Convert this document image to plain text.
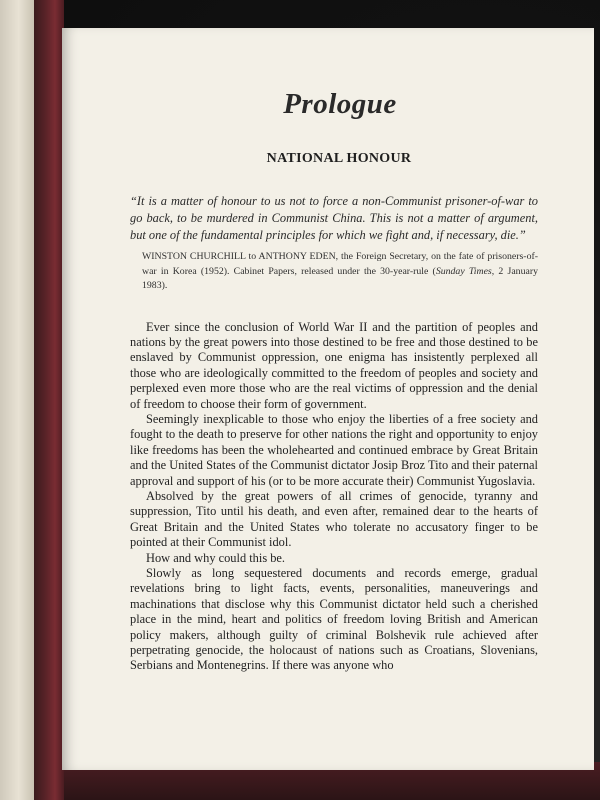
Prologue
NATIONAL HONOUR

“It is a matter of honour to us not to force a non-Communist prisoner-of-war to go back, to be murdered in Communist China. This is not a matter of argument, but one of the fundamental principles for which we fight and, if necessary, die.”

WINSTON CHURCHILL to ANTHONY EDEN, the Foreign Secretary, on the fate of prisoners-of-war in Korea (1952). Cabinet Papers, released under the 30-year-rule (Sunday Times, 2 January 1983).

Ever since the conclusion of World War II and the partition of peoples and nations by the great powers into those destined to be free and those destined to be enslaved by Communist oppression, one enigma has insistently perplexed all those who are ideologically committed to the freedom of peoples and society and perplexed even more those who are the real victims of oppression and the denial of freedom to choose their form of government.

Seemingly inexplicable to those who enjoy the liberties of a free society and fought to the death to preserve for other nations the right and opportunity to enjoy like freedoms has been the wholehearted and continued embrace by Great Britain and the United States of the Communist dictator Josip Broz Tito and their paternal approval and support of his (or to be more accurate their) Communist Yugoslavia.

Absolved by the great powers of all crimes of genocide, tyranny and suppression, Tito until his death, and even after, remained dear to the hearts of Great Britain and the United States who tolerate no accusatory finger to be pointed at their Communist idol.

How and why could this be.

Slowly as long sequestered documents and records emerge, gradual revelations bring to light facts, events, personalities, maneuverings and machinations that disclose why this Communist dictator held such a cherished place in the mind, heart and politics of freedom loving British and American policy makers, although guilty of criminal Bolshevik rule achieved after perpetrating genocide, the holocaust of nations such as Croatians, Slovenians, Serbians and Montenegrins. If there was anyone who
